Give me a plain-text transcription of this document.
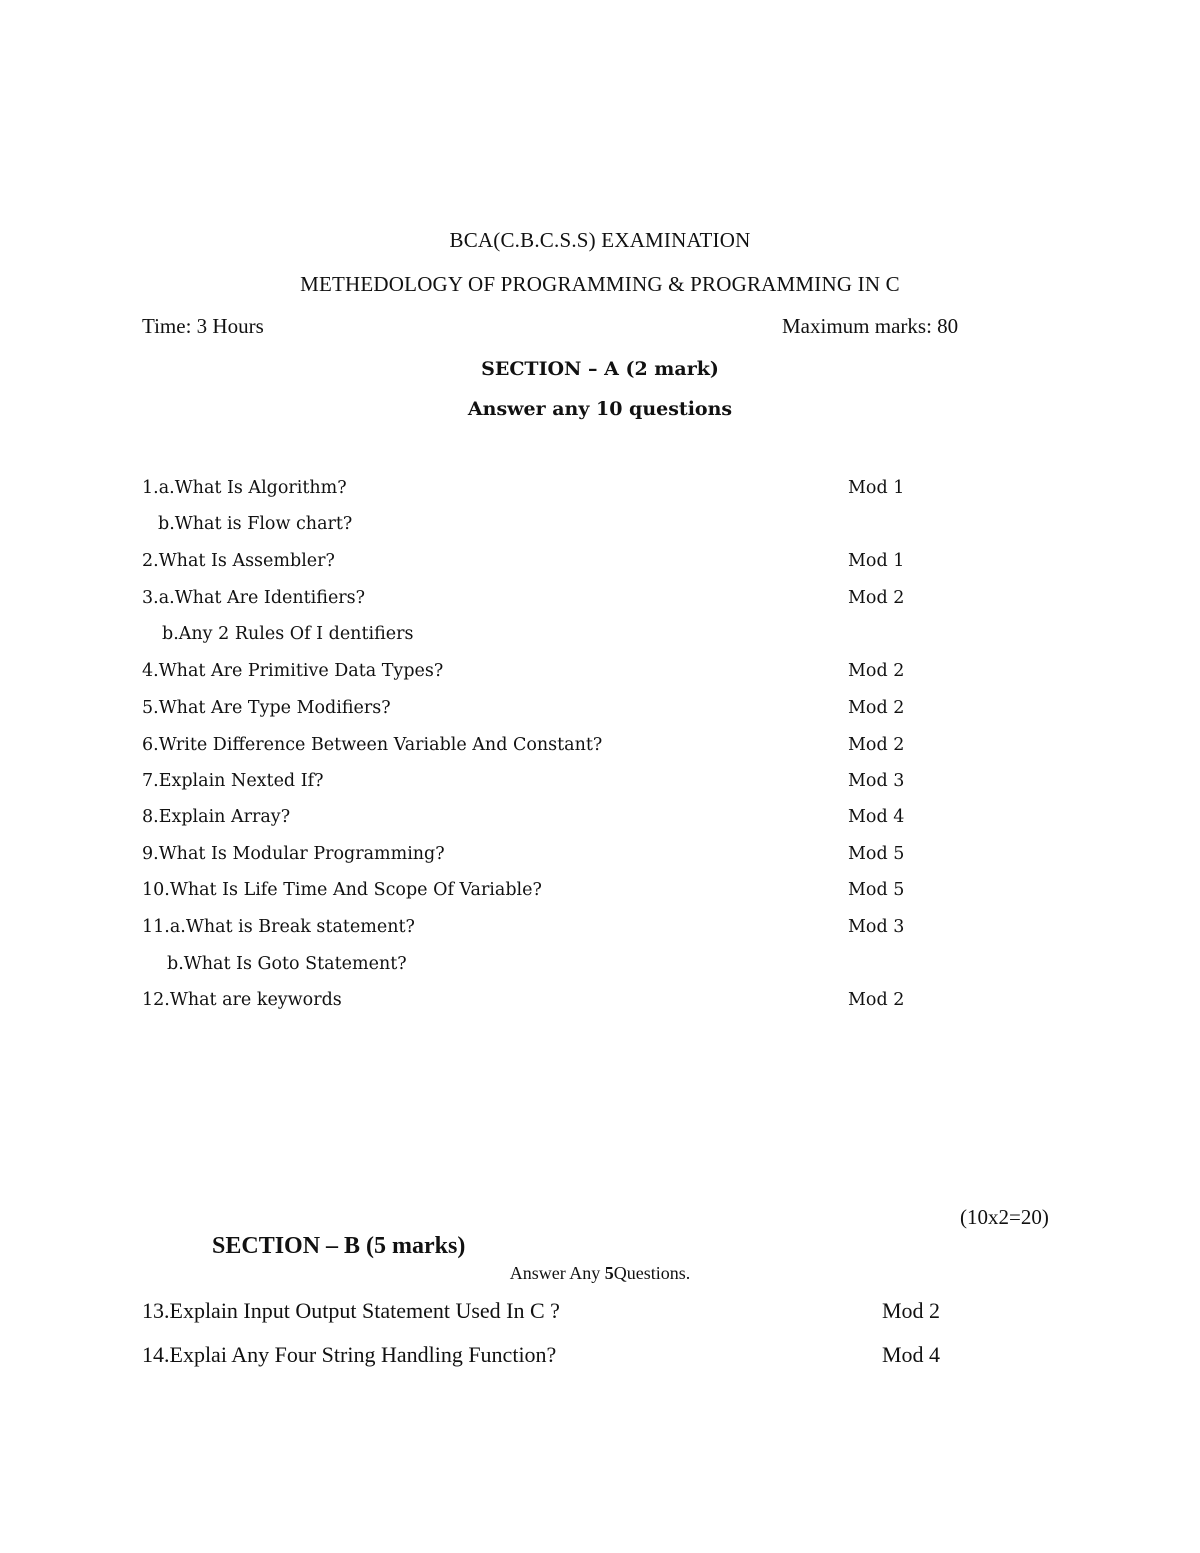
BCA(C.B.C.S.S) EXAMINATION
METHEDOLOGY OF PROGRAMMING & PROGRAMMING IN C
Time: 3 Hours	Maximum marks: 80
SECTION – A (2 mark)
Answer any 10 questions
1.a.What Is Algorithm?	Mod 1
b.What is Flow chart?
2.What Is Assembler?	Mod 1
3.a.What Are Identifiers?	Mod 2
b.Any 2 Rules Of I dentifiers
4.What Are Primitive Data Types?	Mod 2
5.What Are Type Modifiers?	Mod 2
6.Write Difference Between Variable And Constant?	Mod 2
7.Explain Nexted If?	Mod 3
8.Explain Array?	Mod 4
9.What Is Modular Programming?	Mod 5
10.What Is Life Time And Scope Of Variable?	Mod 5
11.a.What is Break statement?	Mod 3
b.What Is Goto Statement?
12.What are keywords	Mod 2
(10x2=20)
SECTION – B (5 marks)
Answer Any 5Questions.
13.Explain Input Output Statement Used In C ?	Mod 2
14.Explai Any Four String Handling Function?	Mod 4
